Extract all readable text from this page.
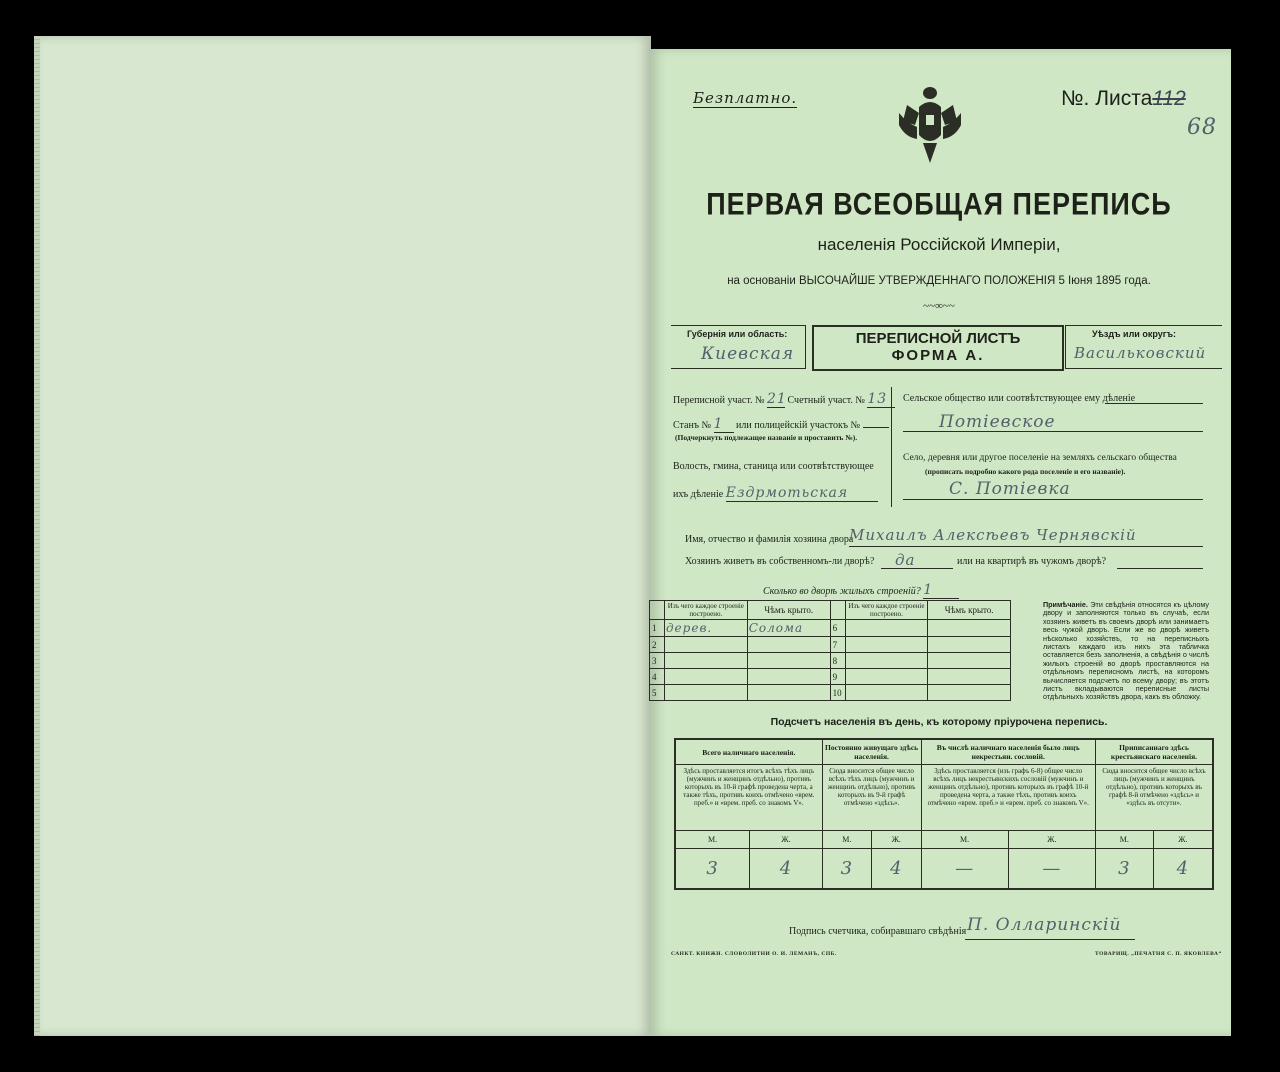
Безплатно.	№. Листа112
68
ПЕРВАЯ ВСЕОБЩАЯ ПЕРЕПИСЬ
населенія Россійской Имперіи,
на основаніи ВЫСОЧАЙШЕ УТВЕРЖДЕННАГО ПОЛОЖЕНІЯ 5 Іюня 1895 года.
~~∞~~
Губернія или область:
Киевская
ПЕРЕПИСНОЙ ЛИСТЪ
ФОРМА А.
Уѣздъ или округъ:
Васильковский
Переписной участ. № 21 Счетный участ. № 13
Станъ № 1 или полицейскій участокъ №
(Подчеркнуть подлежащее названіе и проставить №).
Волость, гмина, станица или соотвѣтствующее
ихъ дѣленіе Ездрмотьская
Сельское общество или соотвѣтствующее ему дѣленіе
Потіевское
Село, деревня или другое поселеніе на земляхъ сельскаго общества
(прописать подробно какого рода поселеніе и его названіе).
С. Потіевка
Имя, отчество и фамилія хозяина двора
Михаилъ Алексѣевъ Чернявскій
Хозяинъ живетъ въ собственномъ-ли дворѣ? да	или на квартирѣ въ чужомъ дворѣ?
Сколько во дворѣ жилыхъ строеній? 1
	Изъ чего каждое строеніе построено.	Чѣмъ крыто.		Изъ чего каждое строеніе построено.	Чѣмъ крыто.
1	дерев.	Солома	6		
2			7		
3			8		
4			9		
5			10		
Примѣчаніе. Эти свѣдѣнія относятся къ цѣлому двору и заполняются только въ случаѣ, если хозяинъ живетъ въ своемъ дворѣ или занимаетъ весь чужой дворъ. Если же во дворѣ живетъ нѣсколько хозяйствъ, то на переписныхъ листахъ каждаго изъ нихъ эта табличка оставляется безъ заполненія, а свѣдѣнія о числѣ жилыхъ строеній во дворѣ проставляются на отдѣльномъ переписномъ листѣ, на которомъ вычисляется подсчетъ по всему двору; въ этотъ листъ вкладываются переписные листы отдѣльныхъ хозяйствъ двора, какъ въ обложку.
Подсчетъ населенія въ день, къ которому пріурочена перепись.
Всего наличнаго населенія.		Постоянно живущаго здѣсь населенія.		Въ числѣ наличнаго населенія было лицъ некрестьян. сословій.		Приписаннаго здѣсь крестьянскаго населенія.	
Здѣсь проставляется итогъ всѣхъ тѣхъ лицъ (мужчинъ и женщинъ отдѣльно), противъ которыхъ въ 10-й графѣ проведена черта, а также тѣхъ, противъ коихъ отмѣчено «врем. преб.» и «врем. преб. со знакомъ V».		Сюда вносится общее число всѣхъ тѣхъ лицъ (мужчинъ и женщинъ отдѣльно), противъ которыхъ въ 9-й графѣ отмѣчено «здѣсь».		Здѣсь проставляется (изъ графъ 6-8) общее число всѣхъ лицъ некрестьянскихъ сословій (мужчинъ и женщинъ отдѣльно), противъ которыхъ въ графѣ 10-й проведена черта, а также тѣхъ, противъ коихъ отмѣчено «врем. преб.» и «врем. преб. со знакомъ V».		Сюда вносится общее число всѣхъ лицъ (мужчинъ и женщинъ отдѣльно), противъ которыхъ въ графѣ 8-й отмѣчено «здѣсь» и «здѣсь въ отсути».	
М.	Ж.	М.	Ж.	М.	Ж.	М.	Ж.
3	4	3	4	—	—	3	4
Подпись счетчика, собиравшаго свѣдѣнія П. Олларинскій
САНКТ. КНИЖН. СЛОВОЛИТНИ О. И. ЛЕМАНЪ, СПБ.	ТОВАРИЩ. „ПЕЧАТНЯ С. П. ЯКОВЛЕВА“
